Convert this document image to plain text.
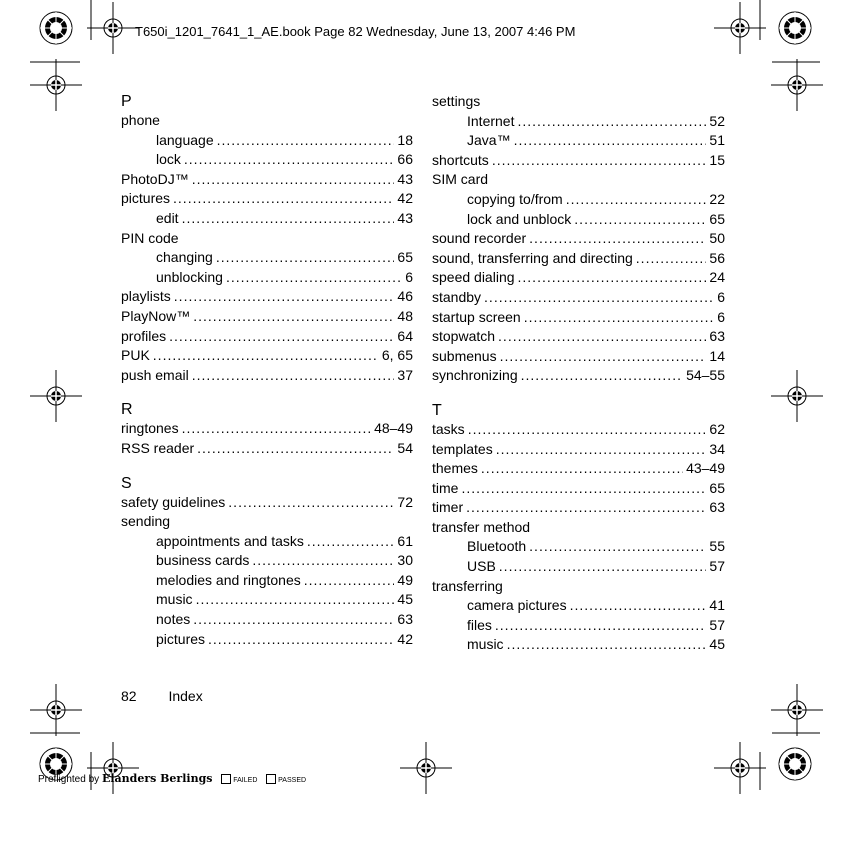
T650i_1201_7641_1_AE.book Page 82 Wednesday, June 13, 2007 4:46 PM
P
phone
language .....	18
lock .....	66
PhotoDJ™ .....	43
pictures .....	42
edit .....	43
PIN code
changing .....	65
unblocking .....	6
playlists .....	46
PlayNow™ .....	48
profiles .....	64
PUK .....	6, 65
push email .....	37
R
ringtones .....	48–49
RSS reader .....	54
S
safety guidelines .....	72
sending
appointments and tasks .....	61
business cards .....	30
melodies and ringtones .....	49
music .....	45
notes .....	63
pictures .....	42
settings
Internet .....	52
Java™ .....	51
shortcuts .....	15
SIM card
copying to/from .....	22
lock and unblock .....	65
sound recorder .....	50
sound, transferring and directing .....	56
speed dialing .....	24
standby .....	6
startup screen .....	6
stopwatch .....	63
submenus .....	14
synchronizing .....	54–55
T
tasks .....	62
templates .....	34
themes .....	43–49
time .....	65
timer .....	63
transfer method
Bluetooth .....	55
USB .....	57
transferring
camera pictures .....	41
files .....	57
music .....	45
82 Index
Preflighted by Elanders Berlings	FAILED	PASSED
